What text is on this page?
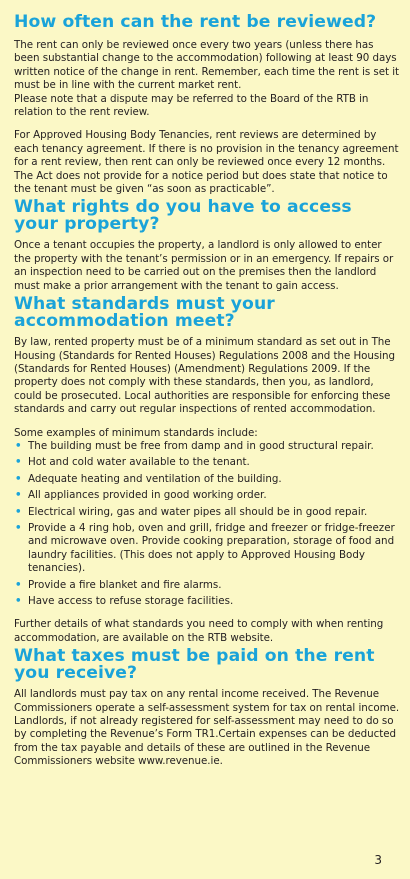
How often can the rent be reviewed?

The rent can only be reviewed once every two years (unless there has been substantial change to the accommodation) following at least 90 days written notice of the change in rent. Remember, each time the rent is set it must be in line with the current market rent.

Please note that a dispute may be referred to the Board of the RTB in relation to the rent review.

For Approved Housing Body Tenancies, rent reviews are determined by each tenancy agreement. If there is no provision in the tenancy agreement for a rent review, then rent can only be reviewed once every 12 months. The Act does not provide for a notice period but does state that notice to the tenant must be given “as soon as practicable”.

What rights do you have to access your property?

Once a tenant occupies the property, a landlord is only allowed to enter the property with the tenant’s permission or in an emergency. If repairs or an inspection need to be carried out on the premises then the landlord must make a prior arrangement with the tenant to gain access.

What standards must your accommodation meet?

By law, rented property must be of a minimum standard as set out in The Housing (Standards for Rented Houses) Regulations 2008 and the Housing (Standards for Rented Houses) (Amendment) Regulations 2009. If the property does not comply with these standards, then you, as landlord, could be prosecuted. Local authorities are responsible for enforcing these standards and carry out regular inspections of rented accommodation.

Some examples of minimum standards include:

• The building must be free from damp and in good structural repair.
• Hot and cold water available to the tenant.
• Adequate heating and ventilation of the building.
• All appliances provided in good working order.
• Electrical wiring, gas and water pipes all should be in good repair.
• Provide a 4 ring hob, oven and grill, fridge and freezer or fridge-freezer and microwave oven. Provide cooking preparation, storage of food and laundry facilities. (This does not apply to Approved Housing Body tenancies).
• Provide a fire blanket and fire alarms.
• Have access to refuse storage facilities.

Further details of what standards you need to comply with when renting accommodation, are available on the RTB website.

What taxes must be paid on the rent you receive?

All landlords must pay tax on any rental income received. The Revenue Commissioners operate a self-assessment system for tax on rental income. Landlords, if not already registered for self-assessment may need to do so by completing the Revenue’s Form TR1.Certain expenses can be deducted from the tax payable and details of these are outlined in the Revenue Commissioners website www.revenue.ie.

3
